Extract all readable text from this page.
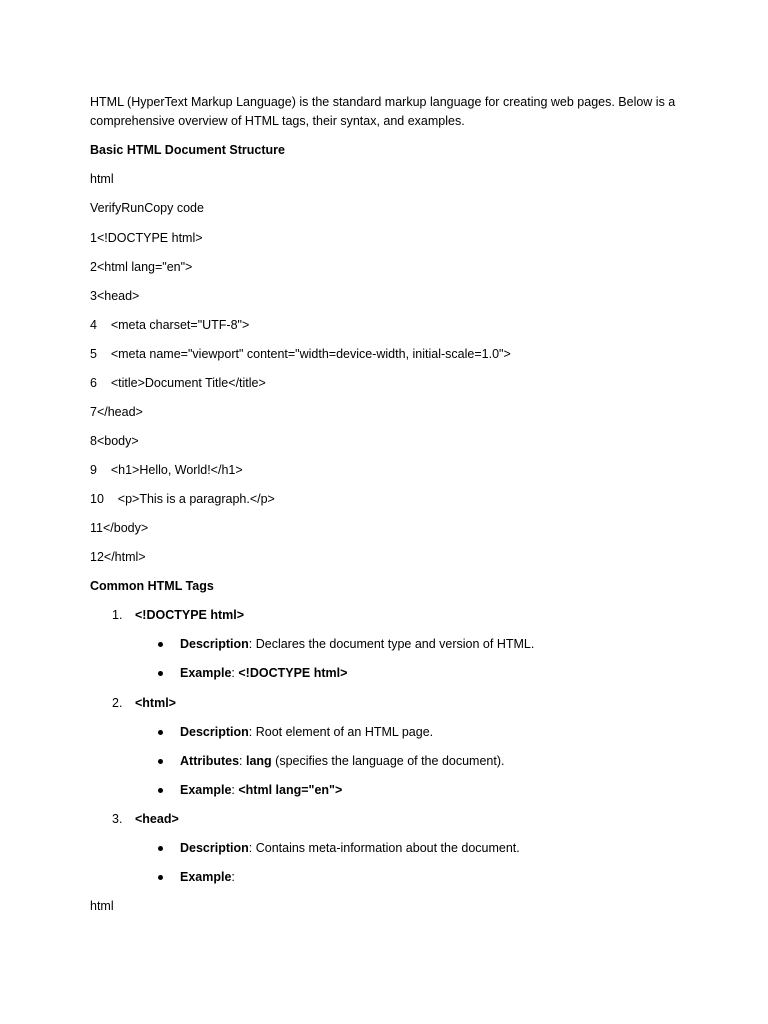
HTML (HyperText Markup Language) is the standard markup language for creating web pages. Below is a comprehensive overview of HTML tags, their syntax, and examples.
Basic HTML Document Structure
html
VerifyRunCopy code
1<!DOCTYPE html>
2<html lang="en">
3<head>
4    <meta charset="UTF-8">
5    <meta name="viewport" content="width=device-width, initial-scale=1.0">
6    <title>Document Title</title>
7</head>
8<body>
9    <h1>Hello, World!</h1>
10    <p>This is a paragraph.</p>
11</body>
12</html>
Common HTML Tags
1. <!DOCTYPE html>
Description: Declares the document type and version of HTML.
Example: <!DOCTYPE html>
2. <html>
Description: Root element of an HTML page.
Attributes: lang (specifies the language of the document).
Example: <html lang="en">
3. <head>
Description: Contains meta-information about the document.
Example:
html
